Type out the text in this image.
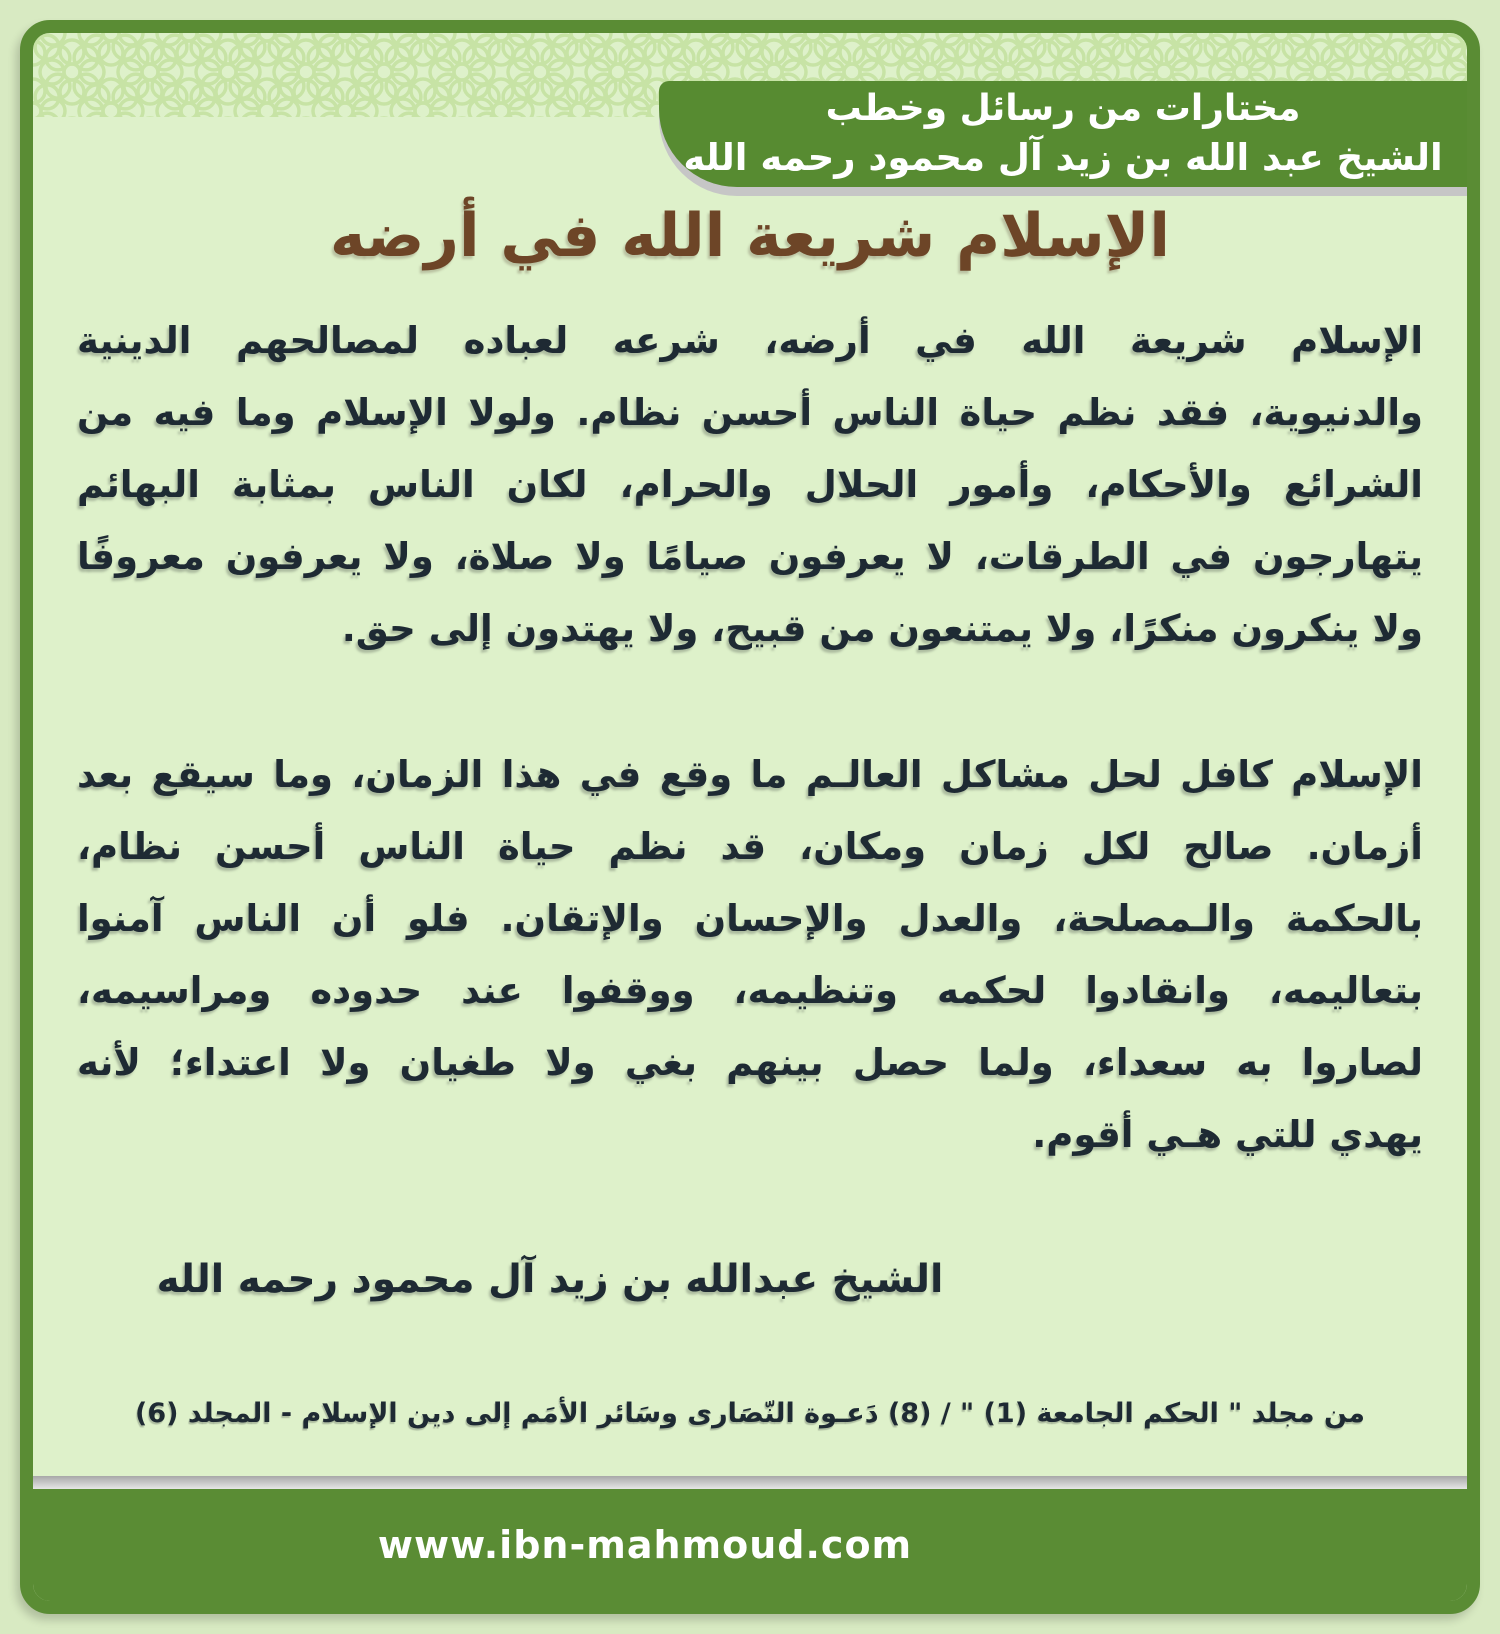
مختارات من رسائل وخطب
الشيخ عبد الله بن زيد آل محمود رحمه الله
الإسلام شريعة الله في أرضه
الإسلام شريعة الله في أرضه، شرعه لعباده لمصالحهم الدينية
والدنيوية، فقد نظم حياة الناس أحسن نظام. ولولا الإسلام وما فيه من
الشرائع والأحكام، وأمور الحلال والحرام، لكان الناس بمثابة البهائم
يتهارجون في الطرقات، لا يعرفون صيامًا ولا صلاة، ولا يعرفون معروفًا
ولا ينكرون منكرًا، ولا يمتنعون من قبيح، ولا يهتدون إلى حق.
الإسلام كافل لحل مشاكل العالـم ما وقع في هذا الزمان، وما سيقع بعد
أزمان. صالح لكل زمان ومكان، قد نظم حياة الناس أحسن نظام،
بالحكمة والـمصلحة، والعدل والإحسان والإتقان. فلو أن الناس آمنوا
بتعاليمه، وانقادوا لحكمه وتنظيمه، ووقفوا عند حدوده ومراسيمه،
لصاروا به سعداء، ولما حصل بينهم بغي ولا طغيان ولا اعتداء؛ لأنه
يهدي للتي هـي أقوم.
الشيخ عبدالله بن زيد آل محمود رحمه الله
من مجلد " الحكم الجامعة (1) " / (8) دَعـوة النّصَارى وسَائر الأمَم إلى دين الإسلام - المجلد (6)
www.ibn-mahmoud.com
